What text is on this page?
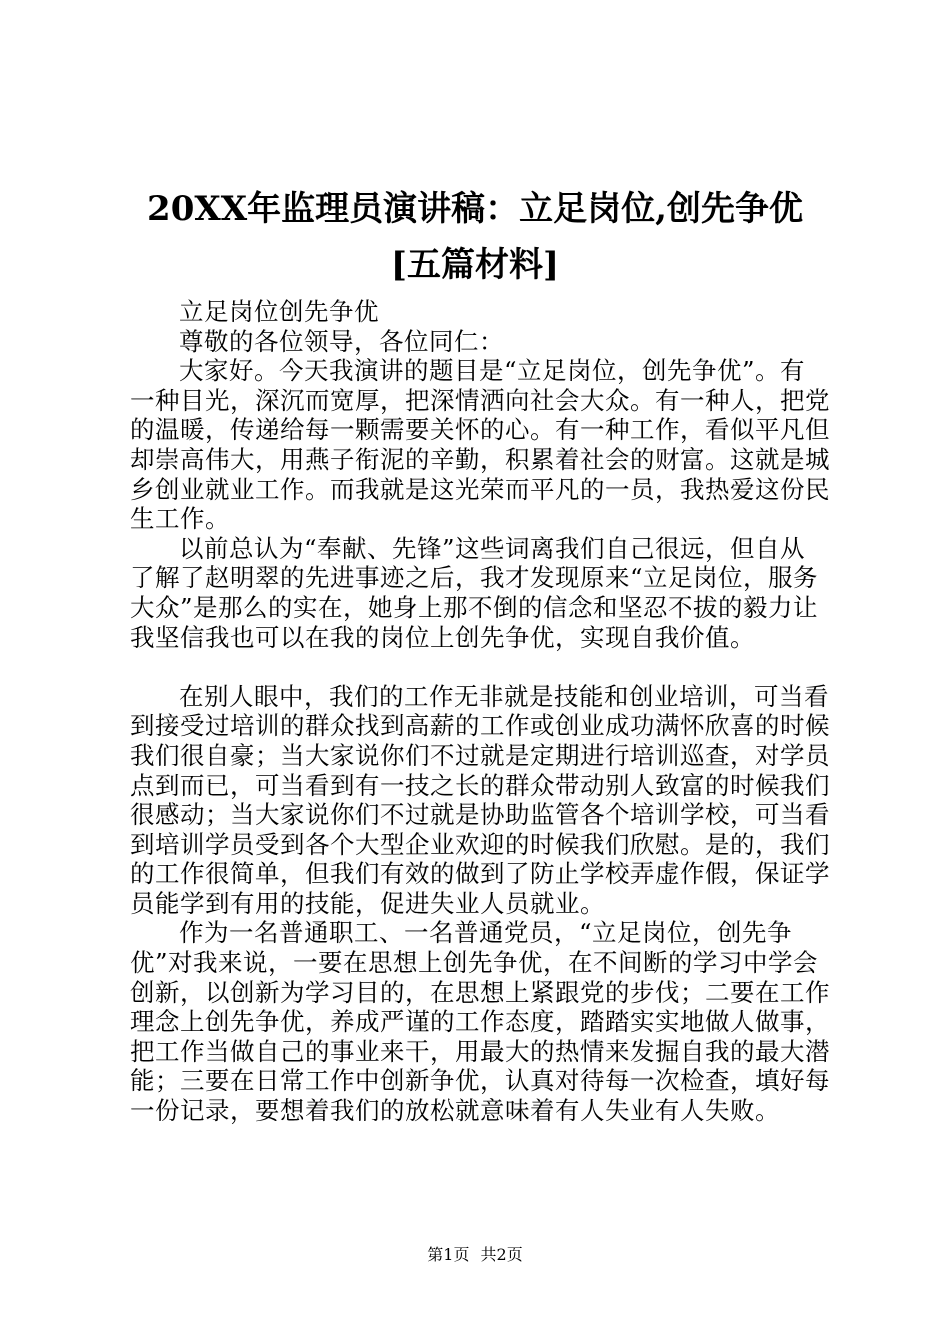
20XX年监理员演讲稿：立足岗位,创先争优
[五篇材料]

立足岗位创先争优

尊敬的各位领导，各位同仁：

大家好。今天我演讲的题目是“立足岗位，创先争优”。有一种目光，深沉而宽厚，把深情洒向社会大众。有一种人，把党的温暖，传递给每一颗需要关怀的心。有一种工作，看似平凡但却崇高伟大，用燕子衔泥的辛勤，积累着社会的财富。这就是城乡创业就业工作。而我就是这光荣而平凡的一员，我热爱这份民生工作。

以前总认为“奉献、先锋”这些词离我们自己很远，但自从了解了赵明翠的先进事迹之后，我才发现原来“立足岗位，服务大众”是那么的实在，她身上那不倒的信念和坚忍不拔的毅力让我坚信我也可以在我的岗位上创先争优，实现自我价值。

在别人眼中，我们的工作无非就是技能和创业培训，可当看到接受过培训的群众找到高薪的工作或创业成功满怀欣喜的时候我们很自豪；当大家说你们不过就是定期进行培训巡查，对学员点到而已，可当看到有一技之长的群众带动别人致富的时候我们很感动；当大家说你们不过就是协助监管各个培训学校，可当看到培训学员受到各个大型企业欢迎的时候我们欣慰。是的，我们的工作很简单，但我们有效的做到了防止学校弄虚作假，保证学员能学到有用的技能，促进失业人员就业。

作为一名普通职工、一名普通党员，“立足岗位，创先争优”对我来说，一要在思想上创先争优，在不间断的学习中学会创新，以创新为学习目的，在思想上紧跟党的步伐；二要在工作理念上创先争优，养成严谨的工作态度，踏踏实实地做人做事，把工作当做自己的事业来干，用最大的热情来发掘自我的最大潜能；三要在日常工作中创新争优，认真对待每一次检查，填好每一份记录，要想着我们的放松就意味着有人失业有人失败。

第1页 共2页
